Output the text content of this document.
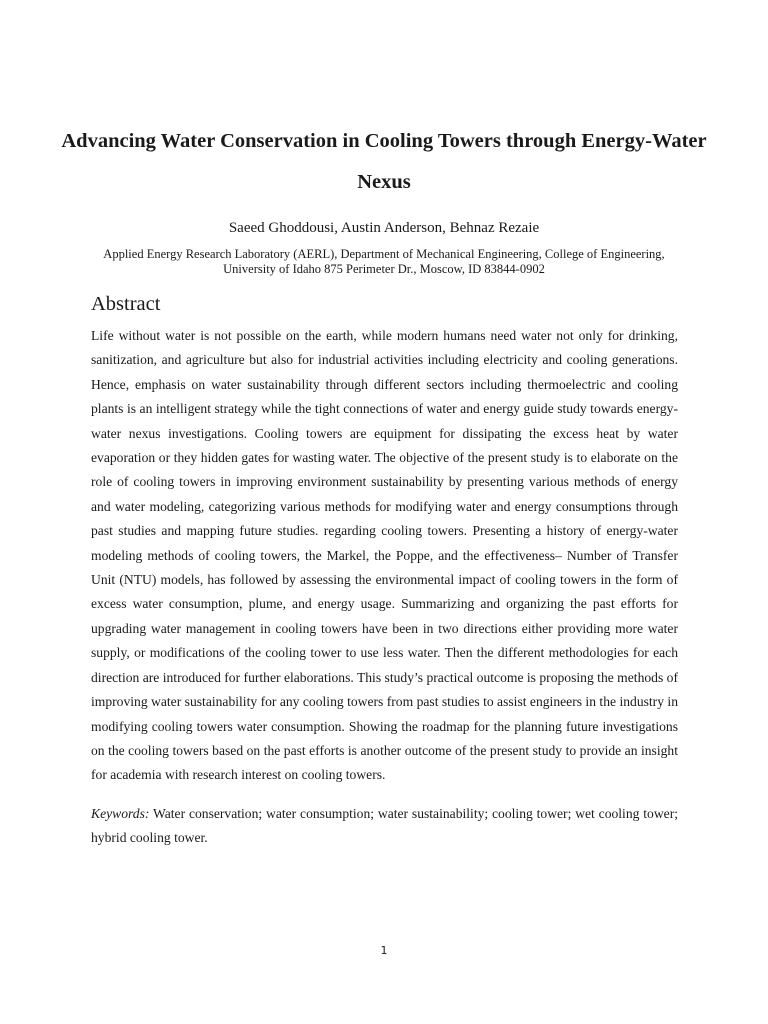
Advancing Water Conservation in Cooling Towers through Energy-Water Nexus

Saeed Ghoddousi, Austin Anderson, Behnaz Rezaie

Applied Energy Research Laboratory (AERL), Department of Mechanical Engineering, College of Engineering,
University of Idaho 875 Perimeter Dr., Moscow, ID 83844-0902
Abstract

Life without water is not possible on the earth, while modern humans need water not only for drinking, sanitization, and agriculture but also for industrial activities including electricity and cooling generations. Hence, emphasis on water sustainability through different sectors including thermoelectric and cooling plants is an intelligent strategy while the tight connections of water and energy guide study towards energy-water nexus investigations. Cooling towers are equipment for dissipating the excess heat by water evaporation or they hidden gates for wasting water. The objective of the present study is to elaborate on the role of cooling towers in improving environment sustainability by presenting various methods of energy and water modeling, categorizing various methods for modifying water and energy consumptions through past studies and mapping future studies. regarding cooling towers. Presenting a history of energy-water modeling methods of cooling towers, the Markel, the Poppe, and the effectiveness– Number of Transfer Unit (NTU) models, has followed by assessing the environmental impact of cooling towers in the form of excess water consumption, plume, and energy usage. Summarizing and organizing the past efforts for upgrading water management in cooling towers have been in two directions either providing more water supply, or modifications of the cooling tower to use less water. Then the different methodologies for each direction are introduced for further elaborations. This study’s practical outcome is proposing the methods of improving water sustainability for any cooling towers from past studies to assist engineers in the industry in modifying cooling towers water consumption. Showing the roadmap for the planning future investigations on the cooling towers based on the past efforts is another outcome of the present study to provide an insight for academia with research interest on cooling towers.

Keywords: Water conservation; water consumption; water sustainability; cooling tower; wet cooling tower; hybrid cooling tower.

1
